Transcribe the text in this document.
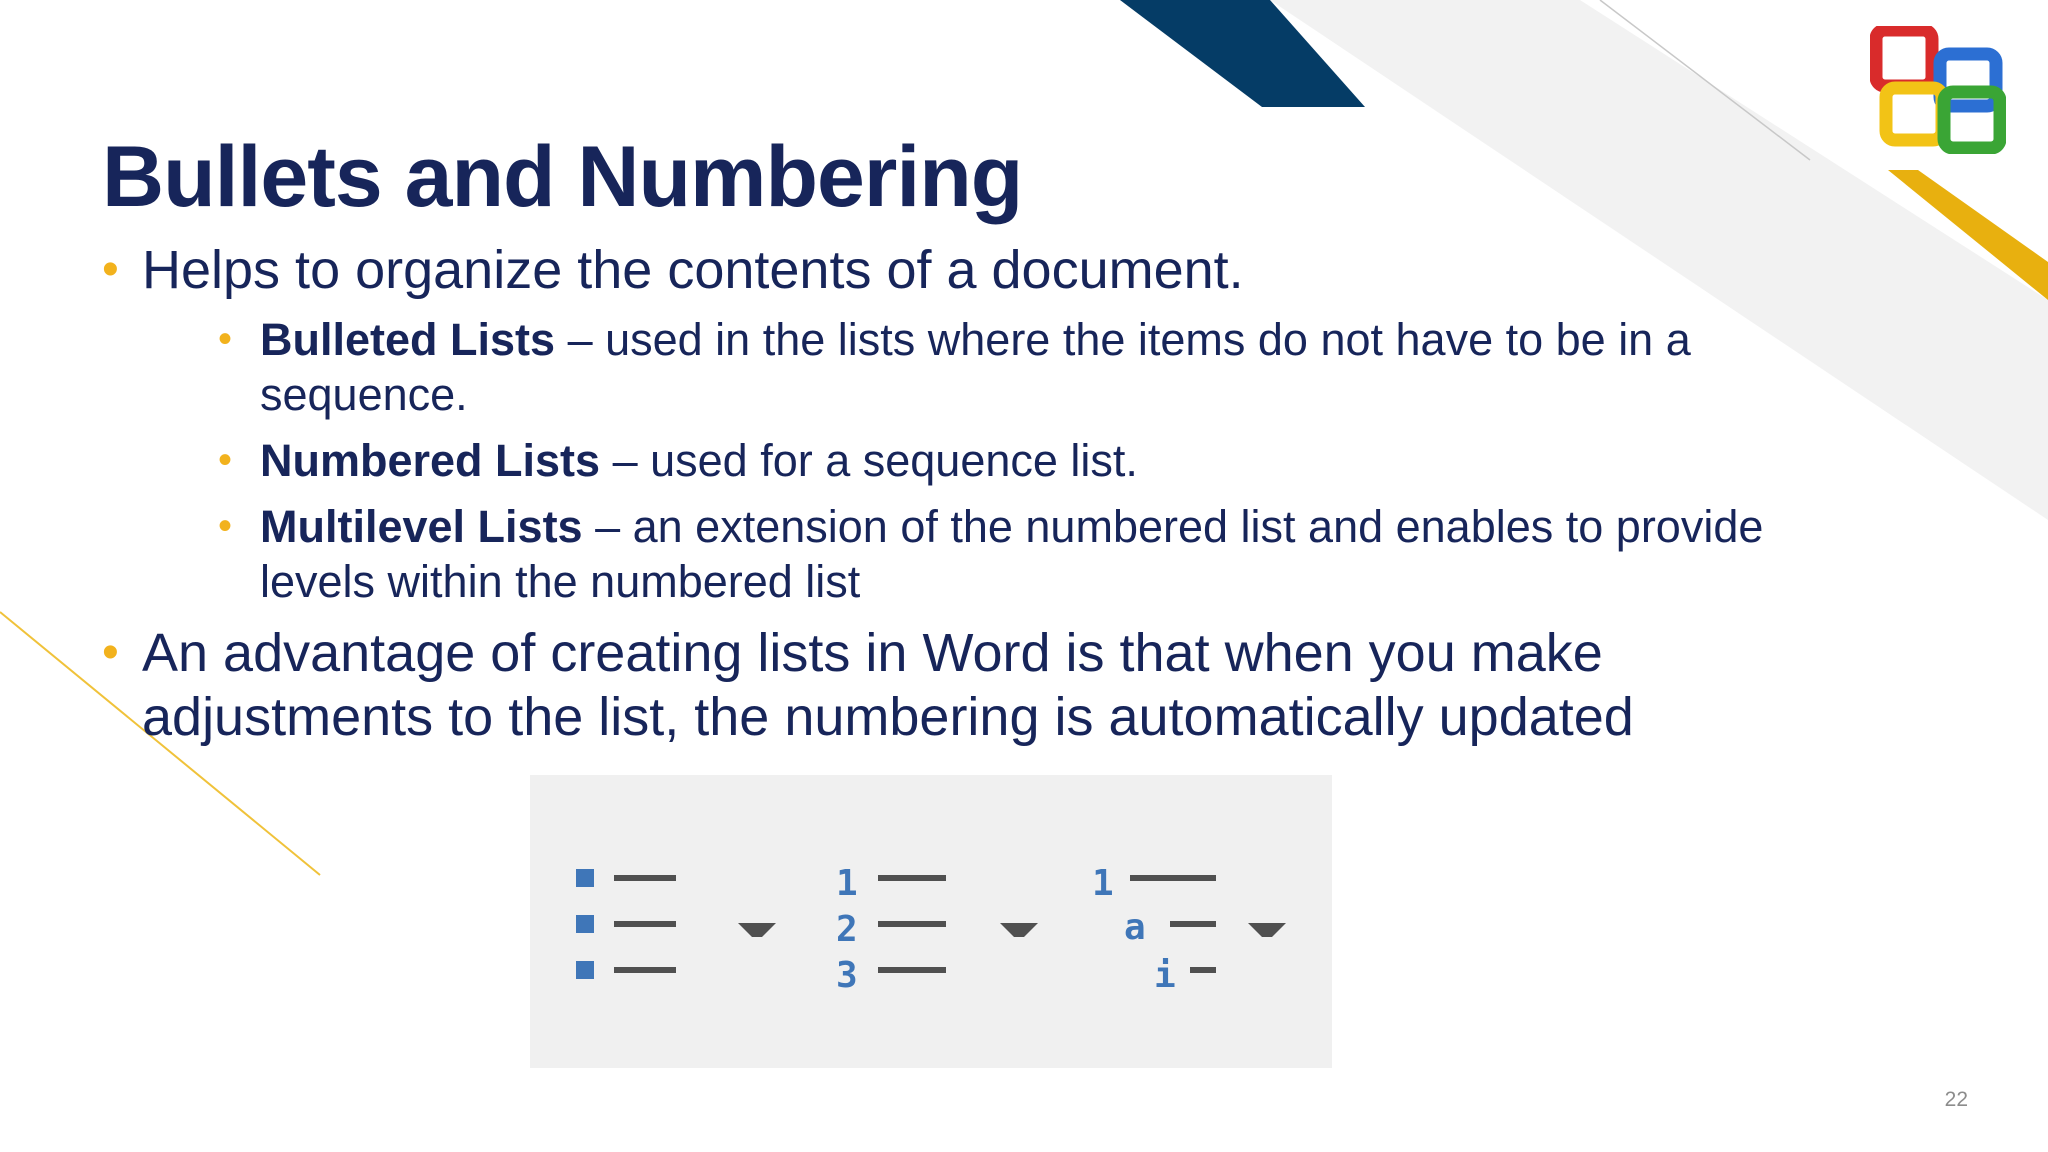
Bullets and Numbering
• Helps to organize the contents of a document.
• Bulleted Lists – used in the lists where the items do not have to be in a sequence.
• Numbered Lists – used for a sequence list.
• Multilevel Lists – an extension of the numbered list and enables to provide levels within the numbered list
• An advantage of creating lists in Word is that when you make adjustments to the list, the numbering is automatically updated
1
2
3
1
a
i
22
